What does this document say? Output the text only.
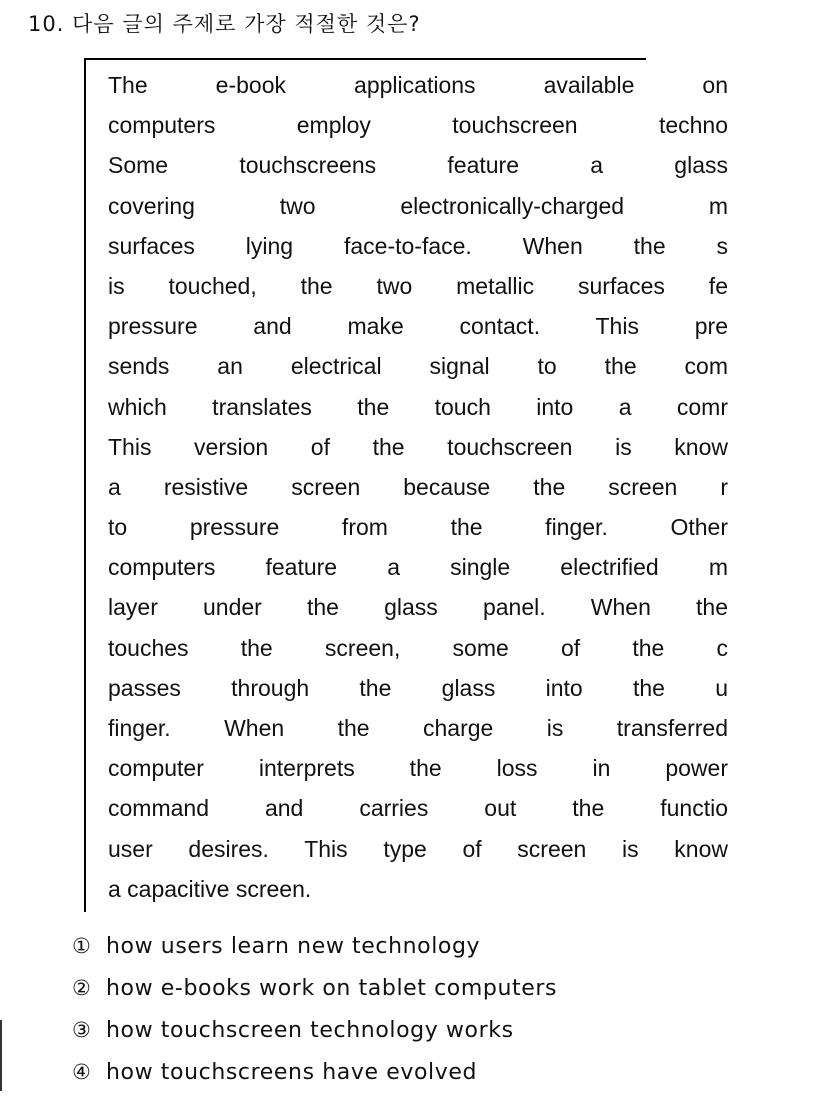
10. 다음 글의 주제로 가장 적절한 것은?
The e-book applications available on
computers employ touchscreen techno
Some touchscreens feature a glass
covering two electronically-charged m
surfaces lying face-to-face. When the s
is touched, the two metallic surfaces fe
pressure and make contact. This pre
sends an electrical signal to the com
which translates the touch into a comr
This version of the touchscreen is know
a resistive screen because the screen r
to pressure from the finger. Other
computers feature a single electrified m
layer under the glass panel. When the
touches the screen, some of the c
passes through the glass into the u
finger. When the charge is transferred
computer interprets the loss in power
command and carries out the functio
user desires. This type of screen is know
a capacitive screen.
① how users learn new technology
② how e-books work on tablet computers
③ how touchscreen technology works
④ how touchscreens have evolved
